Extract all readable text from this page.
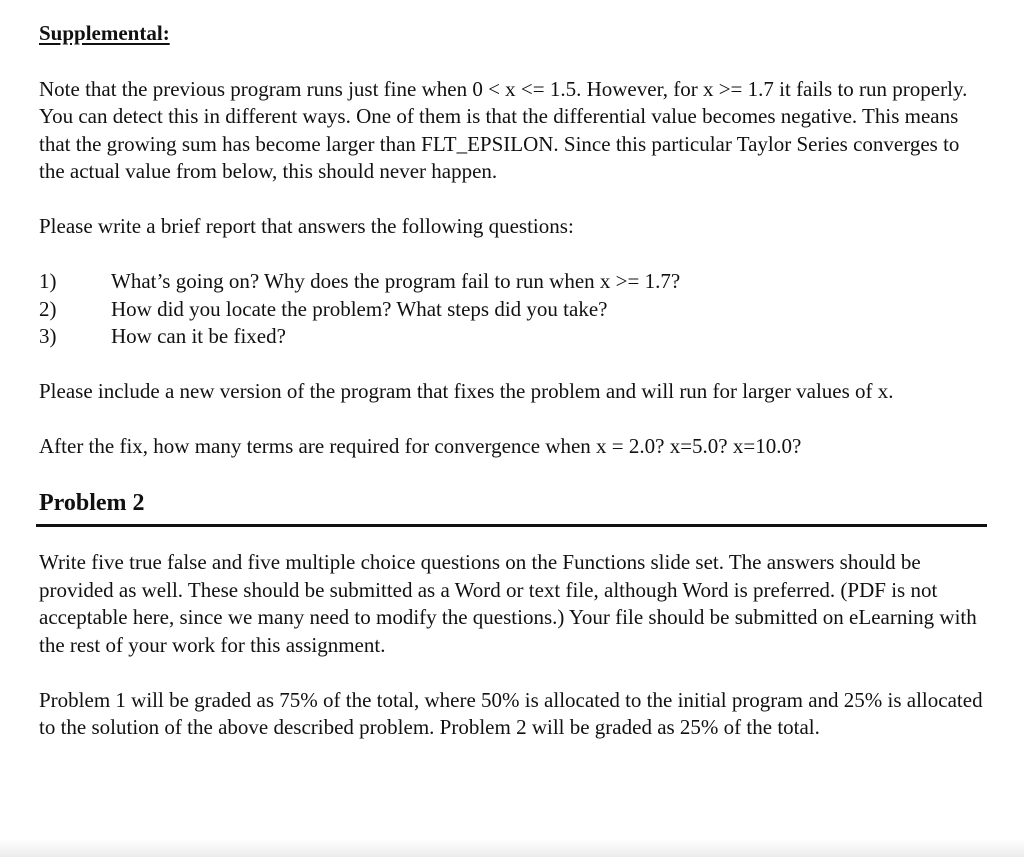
Supplemental:

Note that the previous program runs just fine when 0 < x <= 1.5. However, for x >= 1.7 it fails to run properly. You can detect this in different ways. One of them is that the differential value becomes negative. This means that the growing sum has become larger than FLT_EPSILON. Since this particular Taylor Series converges to the actual value from below, this should never happen.

Please write a brief report that answers the following questions:

1)	What’s going on? Why does the program fail to run when x >= 1.7?
2)	How did you locate the problem? What steps did you take?
3)	How can it be fixed?

Please include a new version of the program that fixes the problem and will run for larger values of x.

After the fix, how many terms are required for convergence when x = 2.0? x=5.0? x=10.0?

Problem 2

Write five true false and five multiple choice questions on the Functions slide set. The answers should be provided as well. These should be submitted as a Word or text file, although Word is preferred. (PDF is not acceptable here, since we many need to modify the questions.) Your file should be submitted on eLearning with the rest of your work for this assignment.

Problem 1 will be graded as 75% of the total, where 50% is allocated to the initial program and 25% is allocated to the solution of the above described problem. Problem 2 will be graded as 25% of the total.
